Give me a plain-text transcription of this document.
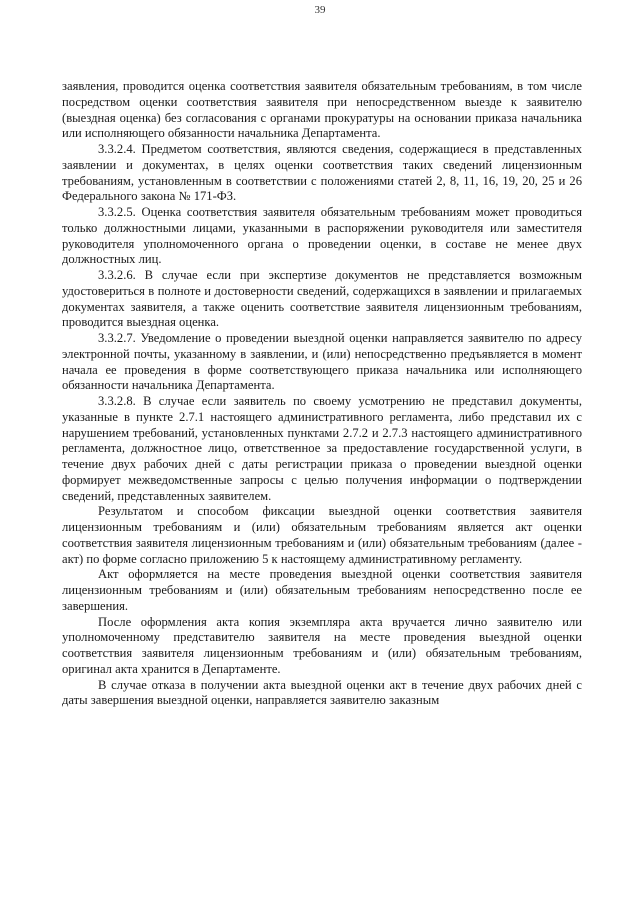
39

заявления, проводится оценка соответствия заявителя обязательным требованиям, в том числе посредством оценки соответствия заявителя при непосредственном выезде к заявителю (выездная оценка) без согласования с органами прокуратуры на основании приказа начальника или исполняющего обязанности начальника Департамента.

3.3.2.4. Предметом соответствия, являются сведения, содержащиеся в представленных заявлении и документах, в целях оценки соответствия таких сведений лицензионным требованиям, установленным в соответствии с положениями статей 2, 8, 11, 16, 19, 20, 25 и 26 Федерального закона № 171-ФЗ.

3.3.2.5. Оценка соответствия заявителя обязательным требованиям может проводиться только должностными лицами, указанными в распоряжении руководителя или заместителя руководителя уполномоченного органа о проведении оценки, в составе не менее двух должностных лиц.

3.3.2.6. В случае если при экспертизе документов не представляется возможным удостовериться в полноте и достоверности сведений, содержащихся в заявлении и прилагаемых документах заявителя, а также оценить соответствие заявителя лицензионным требованиям, проводится выездная оценка.

3.3.2.7. Уведомление о проведении выездной оценки направляется заявителю по адресу электронной почты, указанному в заявлении, и (или) непосредственно предъявляется в момент начала ее проведения в форме соответствующего приказа начальника или исполняющего обязанности начальника Департамента.

3.3.2.8. В случае если заявитель по своему усмотрению не представил документы, указанные в пункте 2.7.1 настоящего административного регламента, либо представил их с нарушением требований, установленных пунктами 2.7.2 и 2.7.3 настоящего административного регламента, должностное лицо, ответственное за предоставление государственной услуги, в течение двух рабочих дней с даты регистрации приказа о проведении выездной оценки формирует межведомственные запросы с целью получения информации о подтверждении сведений, представленных заявителем.

Результатом и способом фиксации выездной оценки соответствия заявителя лицензионным требованиям и (или) обязательным требованиям является акт оценки соответствия заявителя лицензионным требованиям и (или) обязательным требованиям (далее - акт) по форме согласно приложению 5 к настоящему административному регламенту.

Акт оформляется на месте проведения выездной оценки соответствия заявителя лицензионным требованиям и (или) обязательным требованиям непосредственно после ее завершения.

После оформления акта копия экземпляра акта вручается лично заявителю или уполномоченному представителю заявителя на месте проведения выездной оценки соответствия заявителя лицензионным требованиям и (или) обязательным требованиям, оригинал акта хранится в Департаменте.

В случае отказа в получении акта выездной оценки акт в течение двух рабочих дней с даты завершения выездной оценки, направляется заявителю заказным
